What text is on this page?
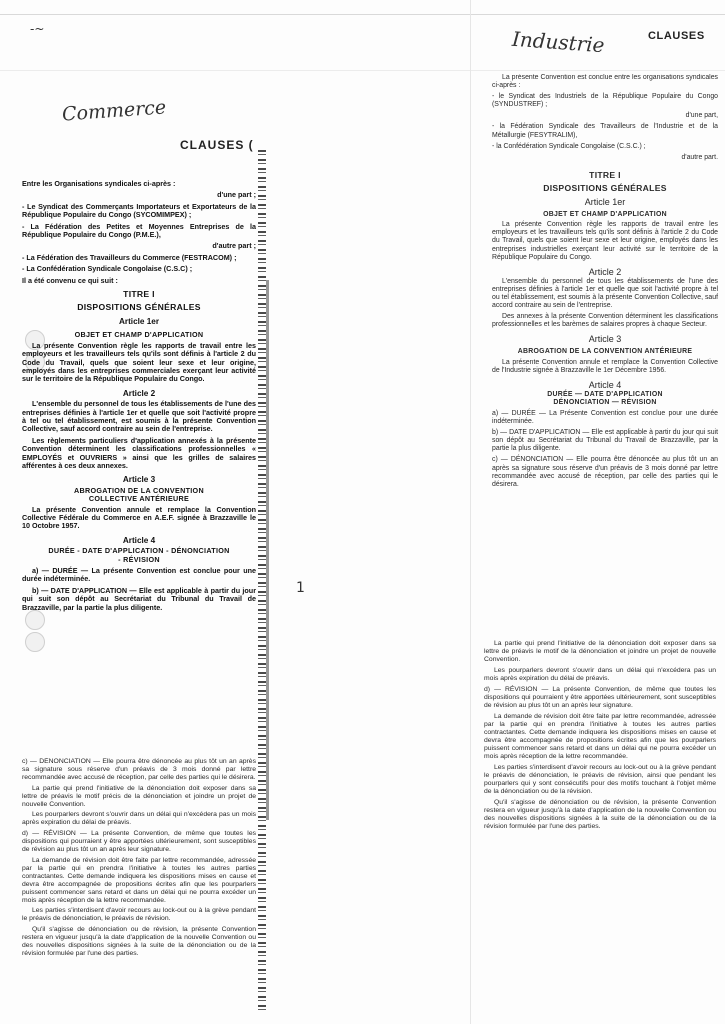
-~
1
Commerce
Industrie
CLAUSES (
CLAUSES

Entre les Organisations syndicales ci-après :

d'une part ;

- Le Syndicat des Commerçants Importateurs et Exportateurs de la République Populaire du Congo (SYCOMIMPEX) ;

- La Fédération des Petites et Moyennes Entreprises de la République Populaire du Congo (P.M.E.),

d'autre part ;

- La Fédération des Travailleurs du Commerce (FESTRACOM) ;

- La Confédération Syndicale Congolaise (C.S.C) ;

Il a été convenu ce qui suit :

TITRE I
DISPOSITIONS GÉNÉRALES
Article 1er
OBJET ET CHAMP D'APPLICATION

La présente Convention règle les rapports de travail entre les employeurs et les travailleurs tels qu'ils sont définis à l'article 2 du Code du Travail, quels que soient leur sexe et leur origine, employés dans les entreprises commerciales exerçant leur activité sur le territoire de la République Populaire du Congo.

Article 2

L'ensemble du personnel de tous les établissements de l'une des entreprises définies à l'article 1er et quelle que soit l'activité propre à tel ou tel établissement, est soumis à la présente Convention Collective, sauf accord contraire au sein de l'entreprise.

Les règlements particuliers d'application annexés à la présente Convention déterminent les classifications professionnelles « EMPLOYÉS et OUVRIERS » ainsi que les grilles de salaires afférentes à ces deux annexes.

Article 3
ABROGATION DE LA CONVENTION
COLLECTIVE ANTÉRIEURE

La présente Convention annule et remplace la Convention Collective Fédérale du Commerce en A.E.F. signée à Brazzaville le 10 Octobre 1957.

Article 4
DURÉE - DATE D'APPLICATION - DÉNONCIATION
- RÉVISION

a) — DURÉE — La présente Convention est conclue pour une durée indéterminée.

b) — DATE D'APPLICATION — Elle est applicable à partir du jour qui suit son dépôt au Secrétariat du Tribunal du Travail de Brazzaville, par la partie la plus diligente.

c) — DÉNONCIATION — Elle pourra être dénoncée au plus tôt un an après sa signature sous réserve d'un préavis de 3 mois donné par lettre recommandée avec accusé de réception, par celle des parties qui le désirera.

La partie qui prend l'initiative de la dénonciation doit exposer dans sa lettre de préavis le motif précis de la dénonciation et joindre un projet de nouvelle Convention.

Les pourparlers devront s'ouvrir dans un délai qui n'excédera pas un mois après expiration du délai de préavis.

d) — RÉVISION — La présente Convention, de même que toutes les dispositions qui pourraient y être apportées ultérieurement, sont susceptibles de révision au plus tôt un an après leur signature.

La demande de révision doit être faite par lettre recommandée, adressée par la partie qui en prendra l'initiative à toutes les autres parties contractantes. Cette demande indiquera les dispositions mises en cause et devra être accompagnée de propositions écrites afin que les pourparlers puissent commencer sans retard et dans un délai qui ne pourra excéder un mois après réception de la lettre recommandée.

Les parties s'interdisent d'avoir recours au lock-out ou à la grève pendant le préavis de dénonciation, le préavis de révision.

Qu'il s'agisse de dénonciation ou de révision, la présente Convention restera en vigueur jusqu'à la date d'application de la nouvelle Convention ou des nouvelles dispositions signées à la suite de la dénonciation ou de la révision formulée par l'une des parties.

La présente Convention est conclue entre les organisations syndicales ci-après :

- le Syndicat des Industriels de la République Populaire du Congo (SYNDUSTREF) ;

d'une part,

- la Fédération Syndicale des Travailleurs de l'Industrie et de la Métallurgie (FESYTRALIM),

- la Confédération Syndicale Congolaise (C.S.C.) ;

d'autre part.

TITRE I
DISPOSITIONS GÉNÉRALES
Article 1er
OBJET ET CHAMP D'APPLICATION

La présente Convention règle les rapports de travail entre les employeurs et les travailleurs tels qu'ils sont définis à l'article 2 du Code du Travail, quels que soient leur sexe et leur origine, employés dans les entreprises industrielles exerçant leur activité sur le territoire de la République Populaire du Congo.

Article 2

L'ensemble du personnel de tous les établissements de l'une des entreprises définies à l'article 1er et quelle que soit l'activité propre à tel ou tel établissement, est soumis à la présente Convention Collective, sauf accord contraire au sein de l'entreprise.

Des annexes à la présente Convention déterminent les classifications professionnelles et les barèmes de salaires propres à chaque Secteur.

Article 3
ABROGATION DE LA CONVENTION ANTÉRIEURE

La présente Convention annule et remplace la Convention Collective de l'Industrie signée à Brazzaville le 1er Décembre 1956.

Article 4
DURÉE — DATE D'APPLICATION
DÉNONCIATION — RÉVISION

a) — DURÉE — La Présente Convention est conclue pour une durée indéterminée.

b) — DATE D'APPLICATION — Elle est applicable à partir du jour qui suit son dépôt au Secrétariat du Tribunal du Travail de Brazzaville, par la partie la plus diligente.

c) — DÉNONCIATION — Elle pourra être dénoncée au plus tôt un an après sa signature sous réserve d'un préavis de 3 mois donné par lettre recommandée avec accusé de réception, par celle des parties qui le désirera.

La partie qui prend l'initiative de la dénonciation doit exposer dans sa lettre de préavis le motif de la dénonciation et joindre un projet de nouvelle Convention.

Les pourparlers devront s'ouvrir dans un délai qui n'excédera pas un mois après expiration du délai de préavis.

d) — RÉVISION — La présente Convention, de même que toutes les dispositions qui pourraient y être apportées ultérieurement, sont susceptibles de révision au plus tôt un an après leur signature.

La demande de révision doit être faite par lettre recommandée, adressée par la partie qui en prendra l'initiative à toutes les autres parties contractantes. Cette demande indiquera les dispositions mises en cause et devra être accompagnée de propositions écrites afin que les pourparlers puissent commencer sans retard et dans un délai qui ne pourra excéder un mois après réception de la lettre recommandée.

Les parties s'interdisent d'avoir recours au lock-out ou à la grève pendant le préavis de dénonciation, le préavis de révision, ainsi que pendant les pourparlers qui y sont consécutifs pour des motifs touchant à l'objet même de la dénonciation ou de la révision.

Qu'il s'agisse de dénonciation ou de révision, la présente Convention restera en vigueur jusqu'à la date d'application de la nouvelle Convention ou des nouvelles dispositions signées à la suite de la dénonciation ou de la révision formulée par l'une des parties.
